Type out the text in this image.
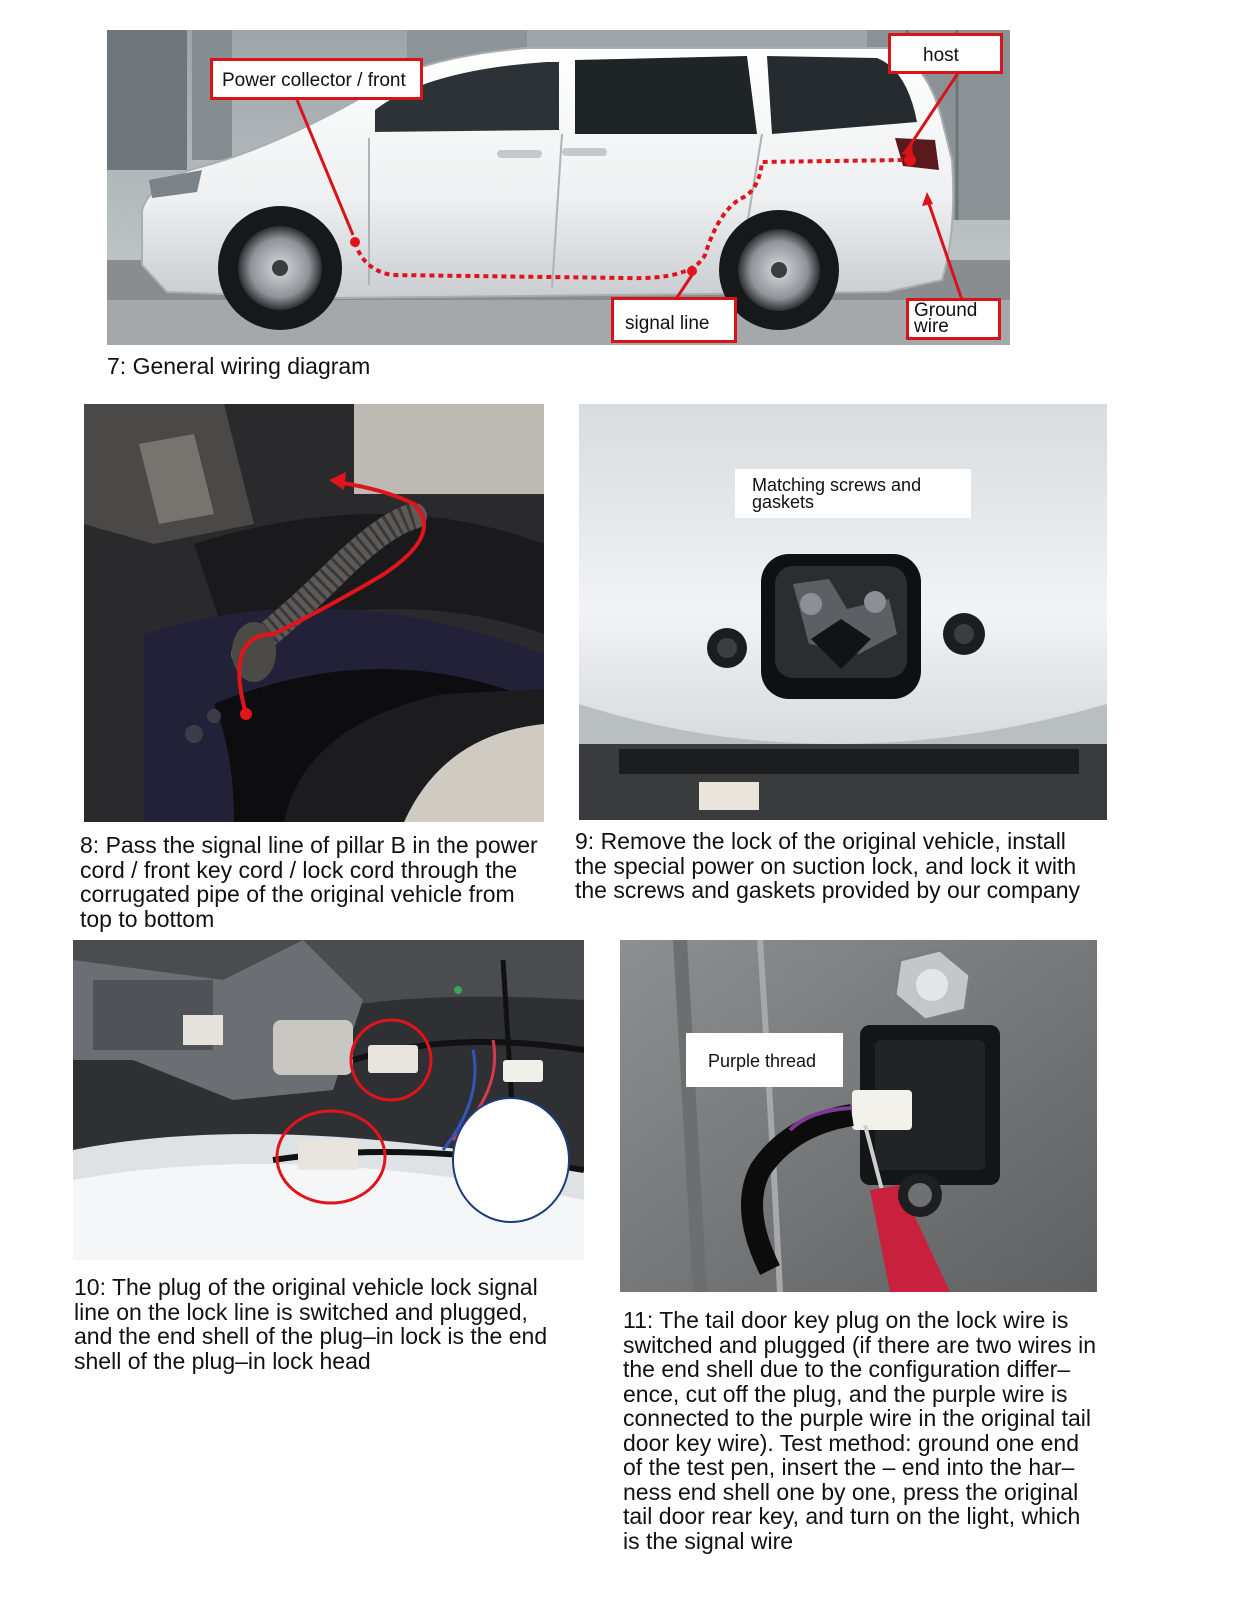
Power collector / front
host
signal line
Ground
wire
7: General wiring diagram
8: Pass the signal line of pillar B in the power
cord / front key cord / lock cord through the
corrugated pipe of the original vehicle from
top to bottom
Matching screws and
gaskets
9: Remove the lock of the original vehicle, install
the special power on suction lock, and lock it with
the screws and gaskets provided by our company
10: The plug of the original vehicle lock signal
line on the lock line is switched and plugged,
and the end shell of the plug–in lock is the end
shell of the plug–in lock head
Purple thread
11: The tail door key plug on the lock wire is
switched and plugged (if there are two wires in
the end shell due to the configuration differ–
ence, cut off the plug, and the purple wire is
connected to the purple wire in the original tail
door key wire). Test method: ground one end
of the test pen, insert the – end into the har–
ness end shell one by one, press the original
tail door rear key, and turn on the light, which
is the signal wire
